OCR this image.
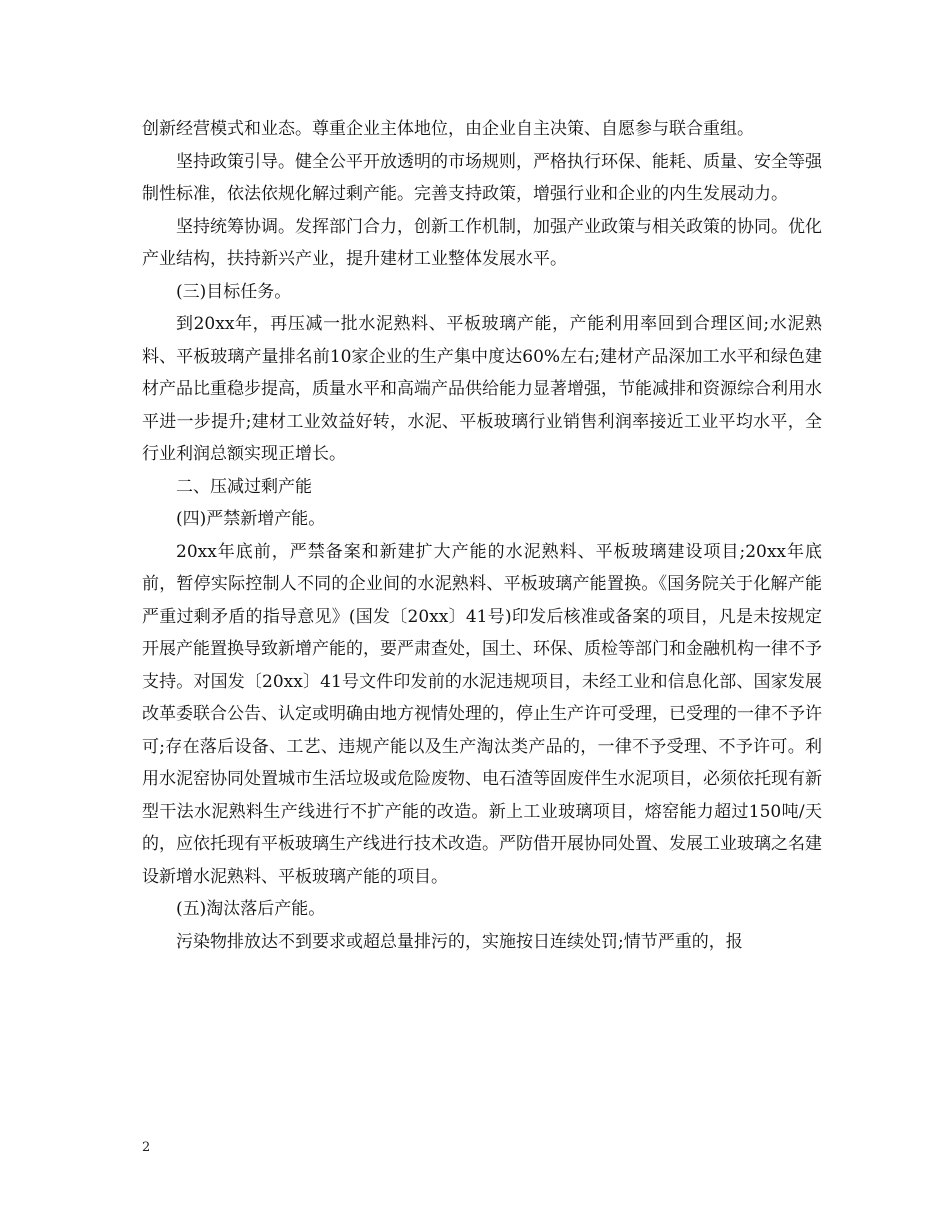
创新经营模式和业态。尊重企业主体地位，由企业自主决策、自愿参与联合重组。

坚持政策引导。健全公平开放透明的市场规则，严格执行环保、能耗、质量、安全等强制性标准，依法依规化解过剩产能。完善支持政策，增强行业和企业的内生发展动力。

坚持统筹协调。发挥部门合力，创新工作机制，加强产业政策与相关政策的协同。优化产业结构，扶持新兴产业，提升建材工业整体发展水平。

(三)目标任务。

到20xx年，再压减一批水泥熟料、平板玻璃产能，产能利用率回到合理区间;水泥熟料、平板玻璃产量排名前10家企业的生产集中度达60%左右;建材产品深加工水平和绿色建材产品比重稳步提高，质量水平和高端产品供给能力显著增强，节能减排和资源综合利用水平进一步提升;建材工业效益好转，水泥、平板玻璃行业销售利润率接近工业平均水平，全行业利润总额实现正增长。

二、压减过剩产能

(四)严禁新增产能。

20xx年底前，严禁备案和新建扩大产能的水泥熟料、平板玻璃建设项目;20xx年底前，暂停实际控制人不同的企业间的水泥熟料、平板玻璃产能置换。《国务院关于化解产能严重过剩矛盾的指导意见》(国发〔20xx〕41号)印发后核准或备案的项目，凡是未按规定开展产能置换导致新增产能的，要严肃查处，国土、环保、质检等部门和金融机构一律不予支持。对国发〔20xx〕41号文件印发前的水泥违规项目，未经工业和信息化部、国家发展改革委联合公告、认定或明确由地方视情处理的，停止生产许可受理，已受理的一律不予许可;存在落后设备、工艺、违规产能以及生产淘汰类产品的，一律不予受理、不予许可。利用水泥窑协同处置城市生活垃圾或危险废物、电石渣等固废伴生水泥项目，必须依托现有新型干法水泥熟料生产线进行不扩产能的改造。新上工业玻璃项目，熔窑能力超过150吨/天的，应依托现有平板玻璃生产线进行技术改造。严防借开展协同处置、发展工业玻璃之名建设新增水泥熟料、平板玻璃产能的项目。

(五)淘汰落后产能。

污染物排放达不到要求或超总量排污的，实施按日连续处罚;情节严重的，报

2
